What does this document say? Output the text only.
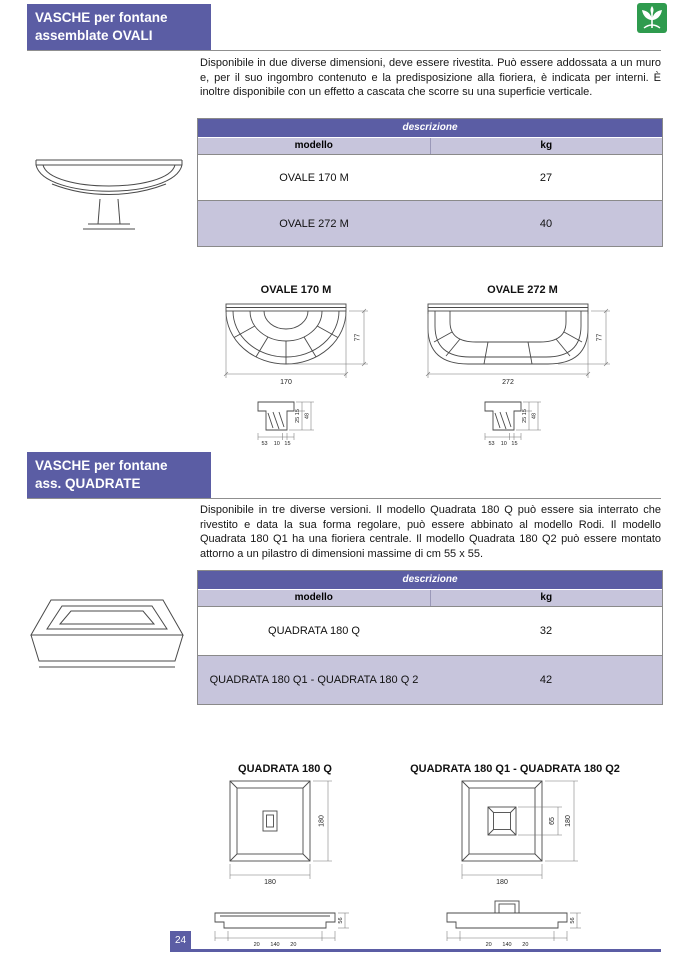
VASCHE per fontane
assemblate OVALI
Disponibile in due diverse dimensioni, deve essere rivestita. Può essere addossata a un muro e, per il suo ingombro contenuto e la predisposizione alla fioriera, è indicata per interni. È inoltre disponibile con un effetto a cascata che scorre su una superficie verticale.
descrizione
modello	kg
OVALE 170 M	27
OVALE 272 M	40
OVALE 170 M
77
170
25 15 48
53    10   15
OVALE 272 M
77
272
25 15 48
53    10   15
VASCHE per fontane
ass. QUADRATE
Disponibile in tre diverse versioni. Il modello Quadrata 180 Q può essere sia interrato che rivestito e data la sua forma regolare, può essere abbinato al modello Rodi. Il modello Quadrata 180 Q1 ha una fioriera centrale. Il modello Quadrata 180 Q2 può essere montato attorno a un pilastro di dimensioni massime di cm 55 x 55.
descrizione
modello	kg
QUADRATA 180 Q	32
QUADRATA 180 Q1 - QUADRATA 180 Q 2	42
QUADRATA 180 Q
180
180
56
20       140       20
QUADRATA 180 Q1 - QUADRATA 180 Q2
65 180
180
56
20       140       20
24
